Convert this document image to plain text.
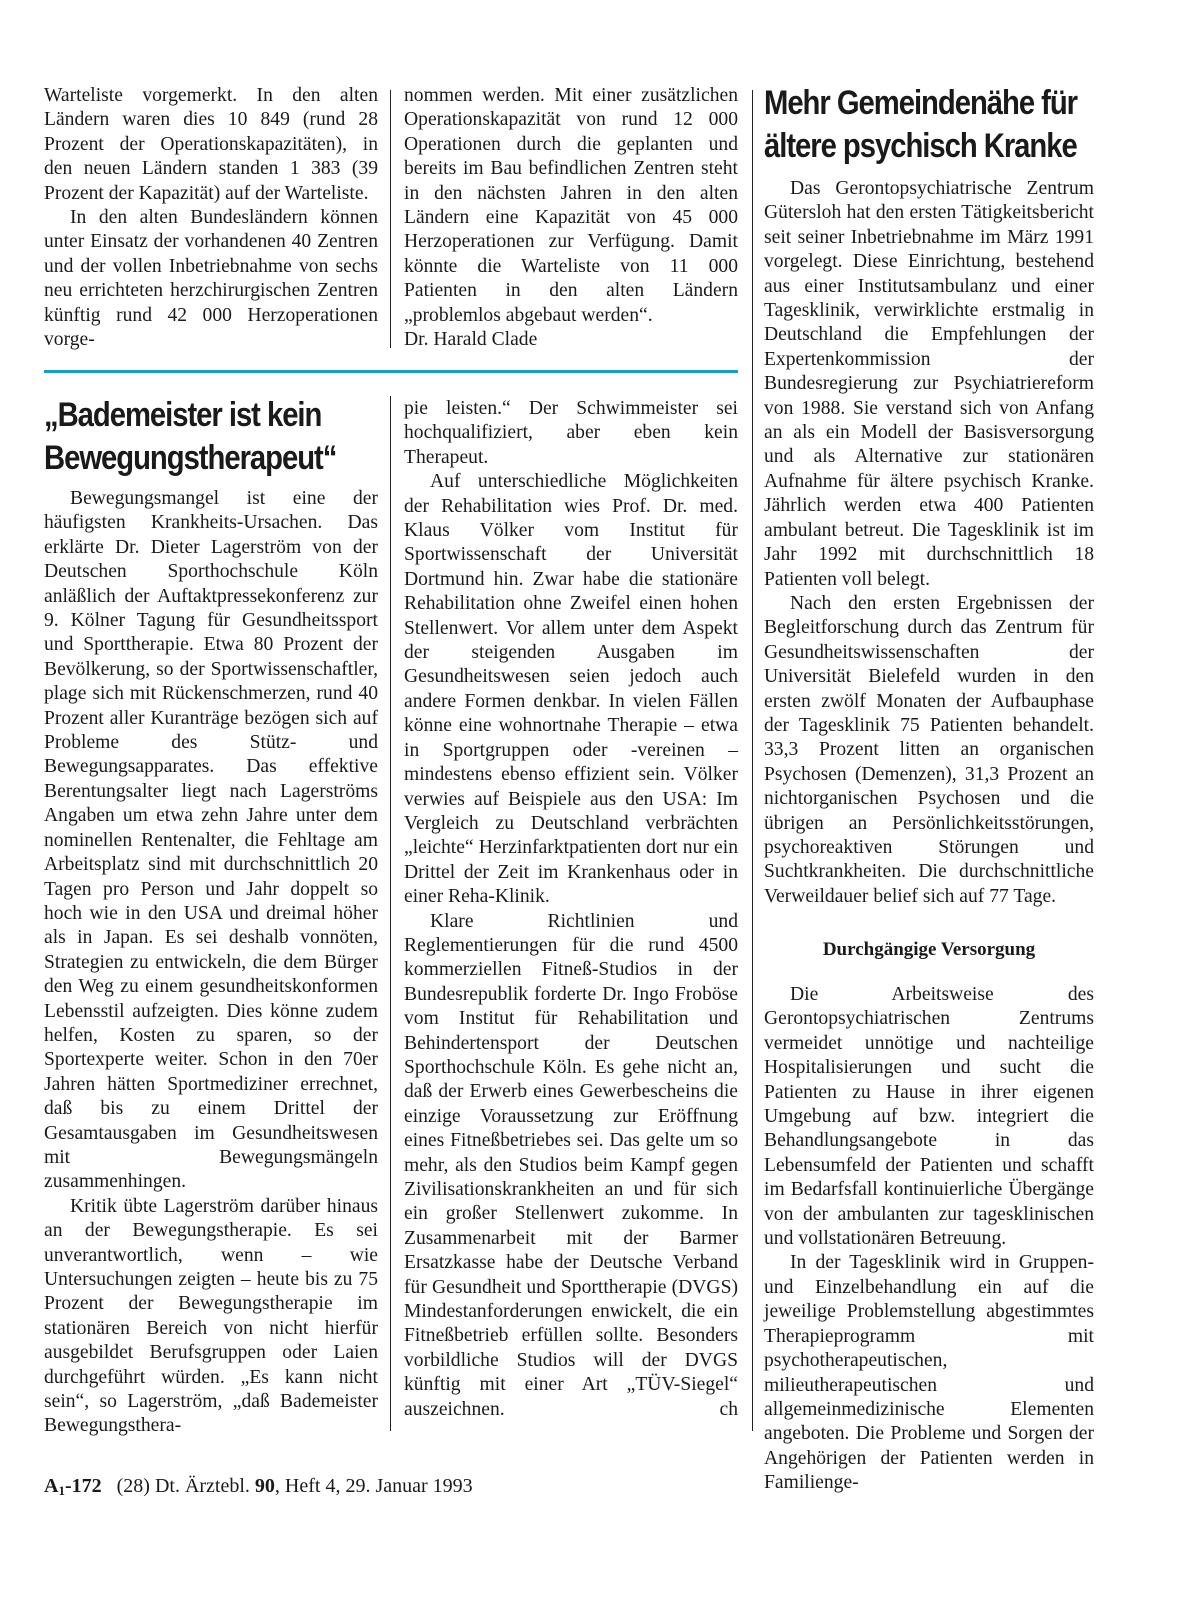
Warteliste vorgemerkt. In den alten Ländern waren dies 10 849 (rund 28 Prozent der Operationskapazitäten), in den neuen Ländern standen 1 383 (39 Prozent der Kapazität) auf der Warteliste.

In den alten Bundesländern können unter Einsatz der vorhandenen 40 Zentren und der vollen Inbetriebnahme von sechs neu errichteten herzchirurgischen Zentren künftig rund 42 000 Herzoperationen vorge-

nommen werden. Mit einer zusätzlichen Operationskapazität von rund 12 000 Operationen durch die geplanten und bereits im Bau befindlichen Zentren steht in den nächsten Jahren in den alten Ländern eine Kapazität von 45 000 Herzoperationen zur Verfügung. Damit könnte die Warteliste von 11 000 Patienten in den alten Ländern „problemlos abgebaut werden“.

Dr. Harald Clade

„Bademeister ist kein

Bewegungstherapeut“

Bewegungsmangel ist eine der häufigsten Krankheits-Ursachen. Das erklärte Dr. Dieter Lagerström von der Deutschen Sporthochschule Köln anläßlich der Auftaktpressekonferenz zur 9. Kölner Tagung für Gesundheitssport und Sporttherapie. Etwa 80 Prozent der Bevölkerung, so der Sportwissenschaftler, plage sich mit Rückenschmerzen, rund 40 Prozent aller Kuranträge bezögen sich auf Probleme des Stütz- und Bewegungsapparates. Das effektive Berentungsalter liegt nach Lagerströms Angaben um etwa zehn Jahre unter dem nominellen Rentenalter, die Fehltage am Arbeitsplatz sind mit durchschnittlich 20 Tagen pro Person und Jahr doppelt so hoch wie in den USA und dreimal höher als in Japan. Es sei deshalb vonnöten, Strategien zu entwickeln, die dem Bürger den Weg zu einem gesundheitskonformen Lebensstil aufzeigten. Dies könne zudem helfen, Kosten zu sparen, so der Sportexperte weiter. Schon in den 70er Jahren hätten Sportmediziner errechnet, daß bis zu einem Drittel der Gesamtausgaben im Gesundheitswesen mit Bewegungsmängeln zusammenhingen.

Kritik übte Lagerström darüber hinaus an der Bewegungstherapie. Es sei unverantwortlich, wenn – wie Untersuchungen zeigten – heute bis zu 75 Prozent der Bewegungstherapie im stationären Bereich von nicht hierfür ausgebildet Berufsgruppen oder Laien durchgeführt würden. „Es kann nicht sein“, so Lagerström, „daß Bademeister Bewegungsthera-

pie leisten.“ Der Schwimmeister sei hochqualifiziert, aber eben kein Therapeut.

Auf unterschiedliche Möglichkeiten der Rehabilitation wies Prof. Dr. med. Klaus Völker vom Institut für Sportwissenschaft der Universität Dortmund hin. Zwar habe die stationäre Rehabilitation ohne Zweifel einen hohen Stellenwert. Vor allem unter dem Aspekt der steigenden Ausgaben im Gesundheitswesen seien jedoch auch andere Formen denkbar. In vielen Fällen könne eine wohnortnahe Therapie – etwa in Sportgruppen oder -vereinen – mindestens ebenso effizient sein. Völker verwies auf Beispiele aus den USA: Im Vergleich zu Deutschland verbrächten „leichte“ Herzinfarktpatienten dort nur ein Drittel der Zeit im Krankenhaus oder in einer Reha-Klinik.

Klare Richtlinien und Reglementierungen für die rund 4500 kommerziellen Fitneß-Studios in der Bundesrepublik forderte Dr. Ingo Froböse vom Institut für Rehabilitation und Behindertensport der Deutschen Sporthochschule Köln. Es gehe nicht an, daß der Erwerb eines Gewerbescheins die einzige Voraussetzung zur Eröffnung eines Fitneßbetriebes sei. Das gelte um so mehr, als den Studios beim Kampf gegen Zivilisationskrankheiten an und für sich ein großer Stellenwert zukomme. In Zusammenarbeit mit der Barmer Ersatzkasse habe der Deutsche Verband für Gesundheit und Sporttherapie (DVGS) Mindestanforderungen enwickelt, die ein Fitneßbetrieb erfüllen sollte. Besonders vorbildliche Studios will der DVGS künftig mit einer Art „TÜV-Siegel“ auszeichnen.	ch

Mehr Gemeindenähe für

ältere psychisch Kranke

Das Gerontopsychiatrische Zentrum Gütersloh hat den ersten Tätigkeitsbericht seit seiner Inbetriebnahme im März 1991 vorgelegt. Diese Einrichtung, bestehend aus einer Institutsambulanz und einer Tagesklinik, verwirklichte erstmalig in Deutschland die Empfehlungen der Expertenkommission der Bundesregierung zur Psychiatriereform von 1988. Sie verstand sich von Anfang an als ein Modell der Basisversorgung und als Alternative zur stationären Aufnahme für ältere psychisch Kranke. Jährlich werden etwa 400 Patienten ambulant betreut. Die Tagesklinik ist im Jahr 1992 mit durchschnittlich 18 Patienten voll belegt.

Nach den ersten Ergebnissen der Begleitforschung durch das Zentrum für Gesundheitswissenschaften der Universität Bielefeld wurden in den ersten zwölf Monaten der Aufbauphase der Tagesklinik 75 Patienten behandelt. 33,3 Prozent litten an organischen Psychosen (Demenzen), 31,3 Prozent an nichtorganischen Psychosen und die übrigen an Persönlichkeitsstörungen, psychoreaktiven Störungen und Suchtkrankheiten. Die durchschnittliche Verweildauer belief sich auf 77 Tage.

Durchgängige Versorgung

Die Arbeitsweise des Gerontopsychiatrischen Zentrums vermeidet unnötige und nachteilige Hospitalisierungen und sucht die Patienten zu Hause in ihrer eigenen Umgebung auf bzw. integriert die Behandlungsangebote in das Lebensumfeld der Patienten und schafft im Bedarfsfall kontinuierliche Übergänge von der ambulanten zur tagesklinischen und vollstationären Betreuung.

In der Tagesklinik wird in Gruppen- und Einzelbehandlung ein auf die jeweilige Problemstellung abgestimmtes Therapieprogramm mit psychotherapeutischen, milieutherapeutischen und allgemeinmedizinische Elementen angeboten. Die Probleme und Sorgen der Angehörigen der Patienten werden in Familienge-

$A_1-172$ (28) Dt. Ärztebl. 90, Heft 4, 29. Januar 1993
